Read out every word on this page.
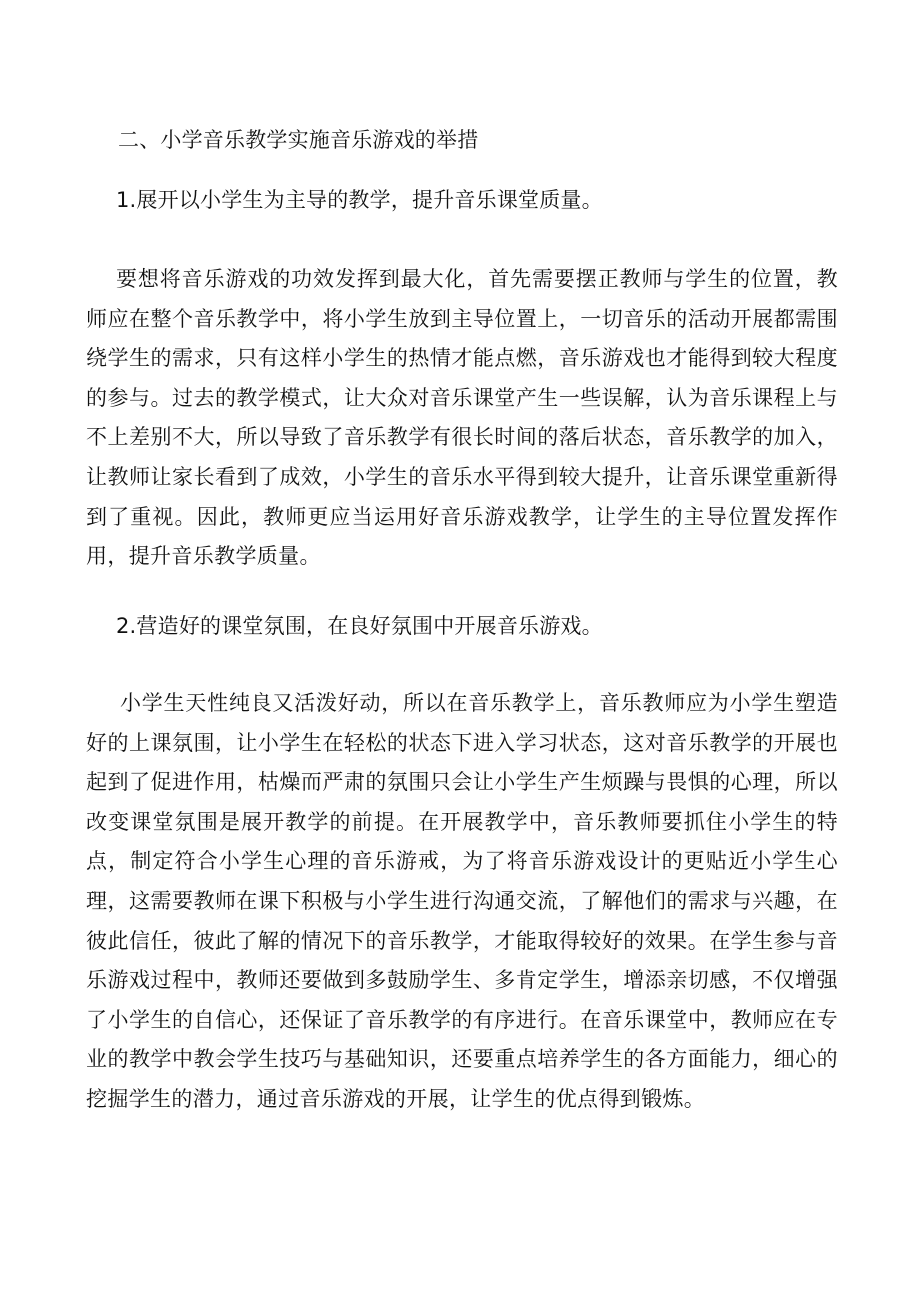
二、小学音乐教学实施音乐游戏的举措
1.展开以小学生为主导的教学，提升音乐课堂质量。

要想将音乐游戏的功效发挥到最大化，首先需要摆正教师与学生的位置，教师应在整个音乐教学中，将小学生放到主导位置上，一切音乐的活动开展都需围绕学生的需求，只有这样小学生的热情才能点燃，音乐游戏也才能得到较大程度的参与。过去的教学模式，让大众对音乐课堂产生一些误解，认为音乐课程上与不上差别不大，所以导致了音乐教学有很长时间的落后状态，音乐教学的加入，让教师让家长看到了成效，小学生的音乐水平得到较大提升，让音乐课堂重新得到了重视。因此，教师更应当运用好音乐游戏教学，让学生的主导位置发挥作用，提升音乐教学质量。

2.营造好的课堂氛围，在良好氛围中开展音乐游戏。

小学生天性纯良又活泼好动，所以在音乐教学上，音乐教师应为小学生塑造好的上课氛围，让小学生在轻松的状态下进入学习状态，这对音乐教学的开展也起到了促进作用，枯燥而严肃的氛围只会让小学生产生烦躁与畏惧的心理，所以改变课堂氛围是展开教学的前提。在开展教学中，音乐教师要抓住小学生的特点，制定符合小学生心理的音乐游戒，为了将音乐游戏设计的更贴近小学生心理，这需要教师在课下积极与小学生进行沟通交流，了解他们的需求与兴趣，在彼此信任，彼此了解的情况下的音乐教学，才能取得较好的效果。在学生参与音乐游戏过程中，教师还要做到多鼓励学生、多肯定学生，增添亲切感，不仅增强了小学生的自信心，还保证了音乐教学的有序进行。在音乐课堂中，教师应在专业的教学中教会学生技巧与基础知识，还要重点培养学生的各方面能力，细心的挖掘学生的潜力，通过音乐游戏的开展，让学生的优点得到锻炼。
